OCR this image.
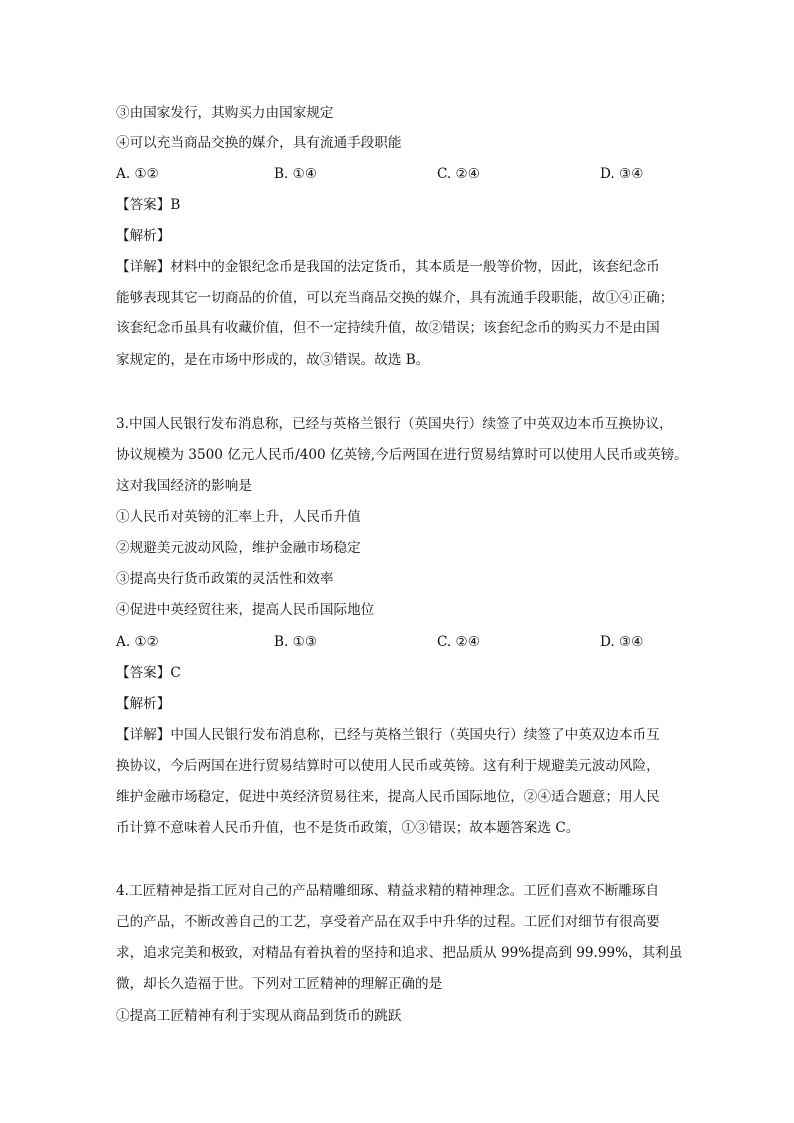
③由国家发行，其购买力由国家规定
④可以充当商品交换的媒介，具有流通手段职能
A. ①②	B. ①④	C. ②④	D. ③④
【答案】B
【解析】
【详解】材料中的金银纪念币是我国的法定货币，其本质是一般等价物，因此，该套纪念币
能够表现其它一切商品的价值，可以充当商品交换的媒介，具有流通手段职能，故①④正确；
该套纪念币虽具有收藏价值，但不一定持续升值，故②错误；该套纪念币的购买力不是由国
家规定的，是在市场中形成的，故③错误。故选 B。
3.中国人民银行发布消息称，已经与英格兰银行（英国央行）续签了中英双边本币互换协议，
协议规模为 3500 亿元人民币/400 亿英镑,今后两国在进行贸易结算时可以使用人民币或英镑。
这对我国经济的影响是
①人民币对英镑的汇率上升，人民币升值
②规避美元波动风险，维护金融市场稳定
③提高央行货币政策的灵活性和效率
④促进中英经贸往来，提高人民币国际地位
A. ①②	B. ①③	C. ②④	D. ③④
【答案】C
【解析】
【详解】中国人民银行发布消息称，已经与英格兰银行（英国央行）续签了中英双边本币互
换协议，今后两国在进行贸易结算时可以使用人民币或英镑。这有利于规避美元波动风险，
维护金融市场稳定，促进中英经济贸易往来，提高人民币国际地位，②④适合题意；用人民
币计算不意味着人民币升值，也不是货币政策，①③错误；故本题答案选 C。
4.工匠精神是指工匠对自己的产品精雕细琢、精益求精的精神理念。工匠们喜欢不断雕琢自
己的产品，不断改善自己的工艺，享受着产品在双手中升华的过程。工匠们对细节有很高要
求，追求完美和极致，对精品有着执着的坚持和追求、把品质从 99%提高到 99.99%，其利虽
微，却长久造福于世。下列对工匠精神的理解正确的是
①提高工匠精神有利于实现从商品到货币的跳跃
